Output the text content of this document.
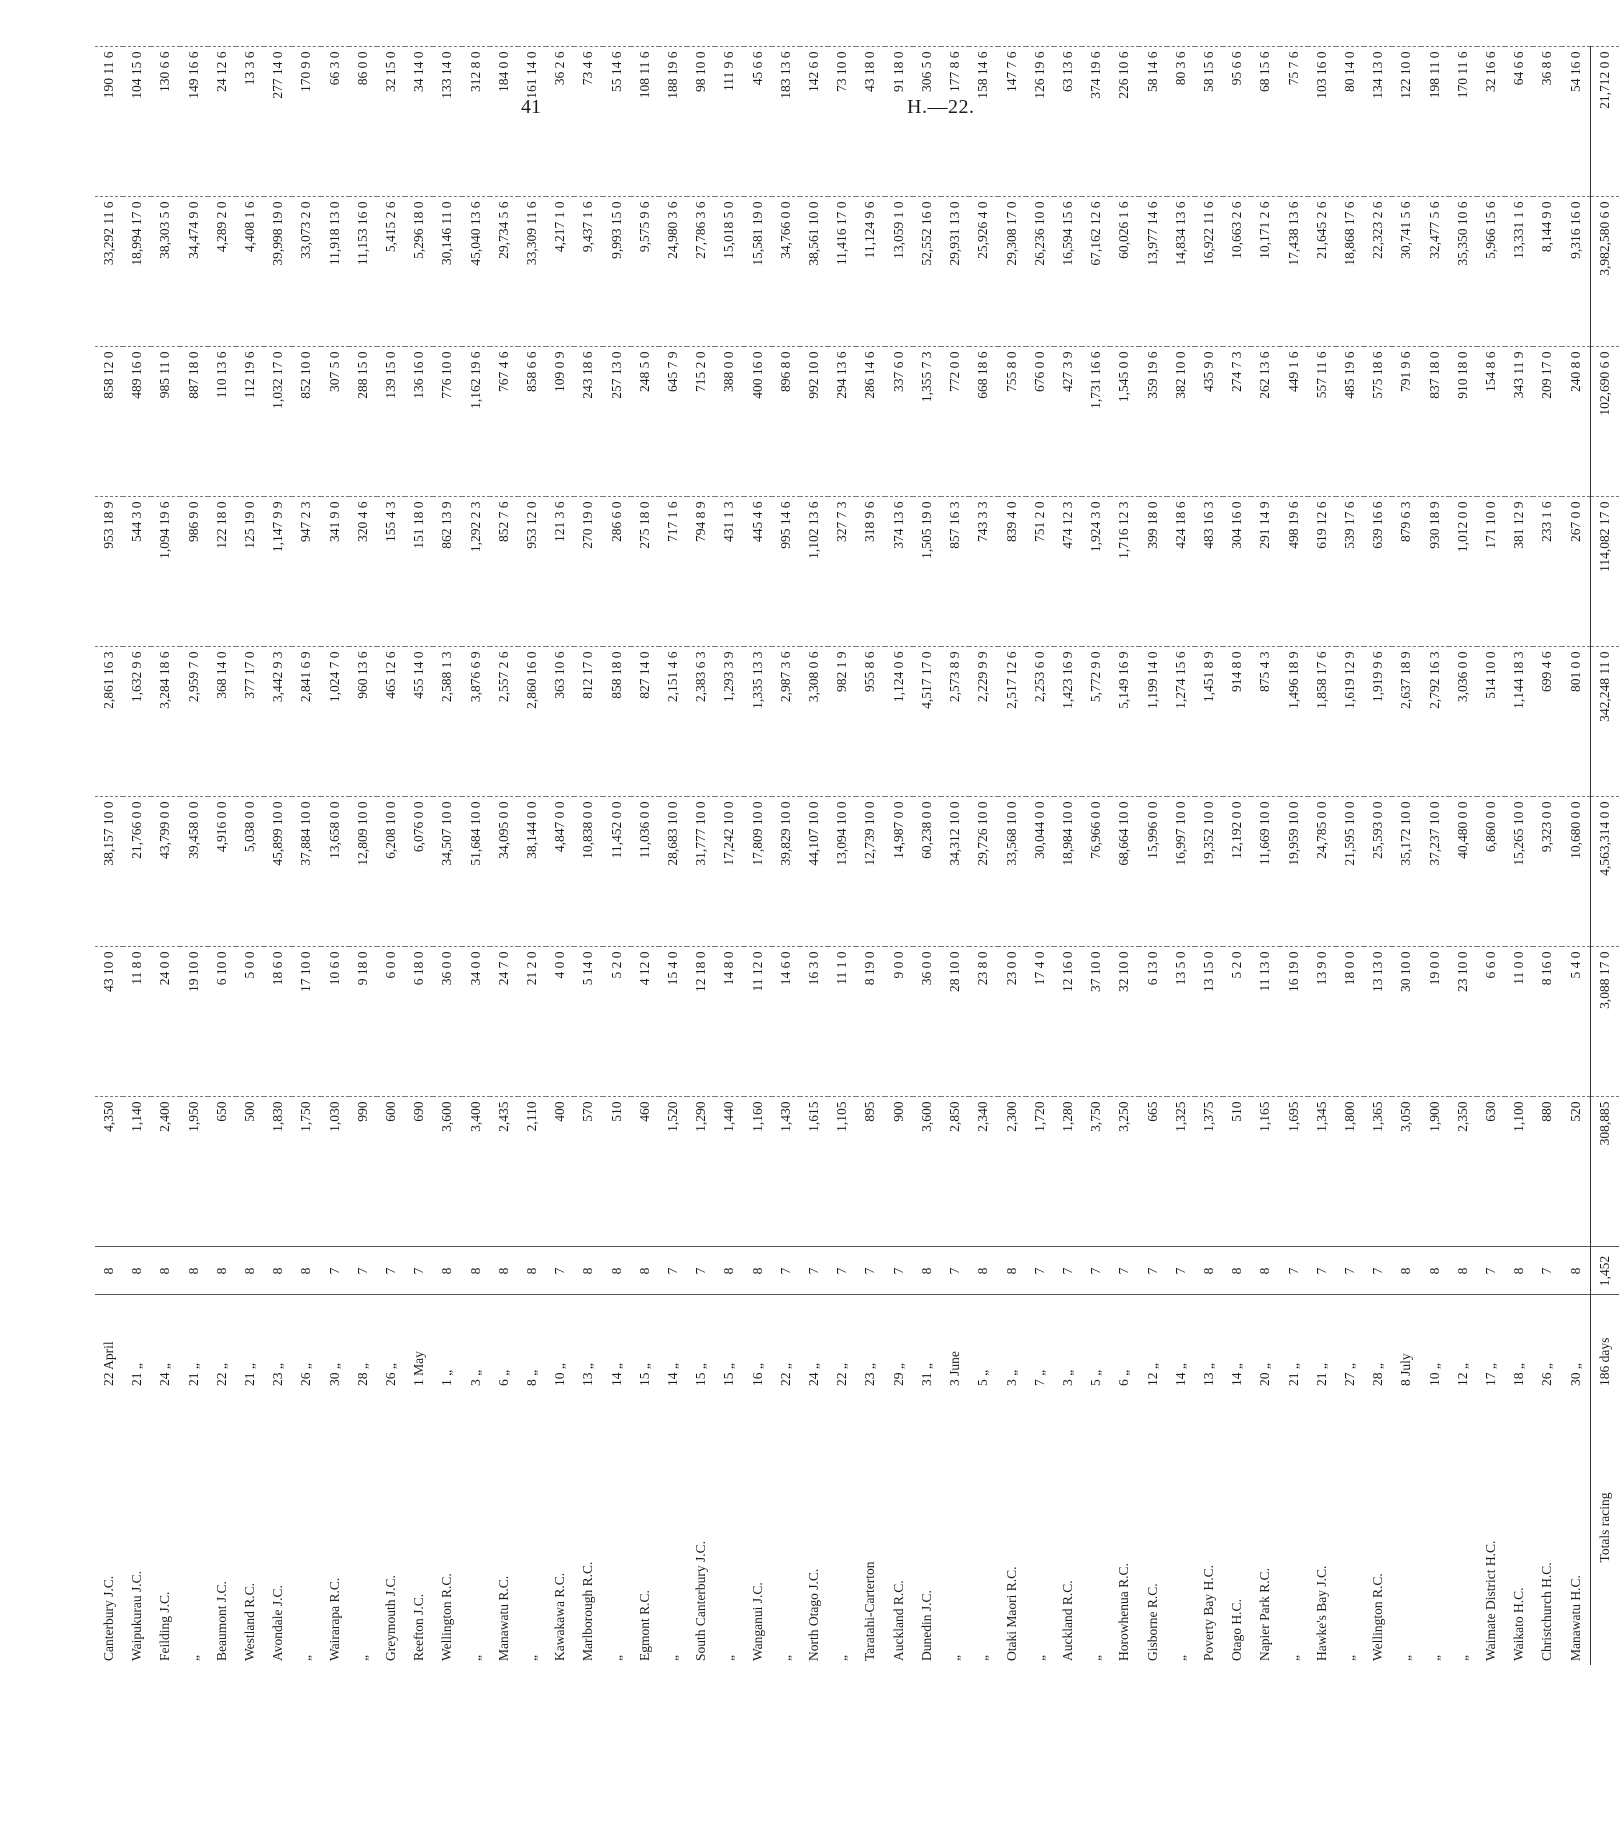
41	H.—22.
Canterbury J.C.	22 April	8	4,350	43 10 0	38,157 10 0	2,861 16 3	953 18 9	858 12 0	33,292 11 6	190 11 6
Waipukurau J.C.	21 „	8	1,140	11 8 0	21,766 0 0	1,632 9 6	544 3 0	489 16 0	18,994 17 0	104 15 0
Feilding J.C.	24 „	8	2,400	24 0 0	43,799 0 0	3,284 18 6	1,094 19 6	985 11 0	38,303 5 0	130 6 6
„	21 „	8	1,950	19 10 0	39,458 0 0	2,959 7 0	986 9 0	887 18 0	34,474 9 0	149 16 6
Beaumont J.C.	22 „	8	650	6 10 0	4,916 0 0	368 14 0	122 18 0	110 13 6	4,289 2 0	24 12 6
Westland R.C.	21 „	8	500	5 0 0	5,038 0 0	377 17 0	125 19 0	112 19 6	4,408 1 6	13 3 6
Avondale J.C.	23 „	8	1,830	18 6 0	45,899 10 0	3,442 9 3	1,147 9 9	1,032 17 0	39,998 19 0	277 14 0
„	26 „	8	1,750	17 10 0	37,884 10 0	2,841 6 9	947 2 3	852 10 0	33,073 2 0	170 9 0
Wairarapa R.C.	30 „	7	1,030	10 6 0	13,658 0 0	1,024 7 0	341 9 0	307 5 0	11,918 13 0	66 3 0
„	28 „	7	990	9 18 0	12,809 10 0	960 13 6	320 4 6	288 15 0	11,153 16 0	86 0 0
Greymouth J.C.	26 „	7	600	6 0 0	6,208 10 0	465 12 6	155 4 3	139 15 0	5,415 2 6	32 15 0
Reefton J.C.	1 May	7	690	6 18 0	6,076 0 0	455 14 0	151 18 0	136 16 0	5,296 18 0	34 14 0
Wellington R.C.	1 „	8	3,600	36 0 0	34,507 10 0	2,588 1 3	862 13 9	776 10 0	30,146 11 0	133 14 0
„	3 „	8	3,400	34 0 0	51,684 10 0	3,876 6 9	1,292 2 3	1,162 19 6	45,040 13 6	312 8 0
Manawatu R.C.	6 „	8	2,435	24 7 0	34,095 0 0	2,557 2 6	852 7 6	767 4 6	29,734 5 6	184 0 0
„	8 „	8	2,110	21 2 0	38,144 0 0	2,860 16 0	953 12 0	858 6 6	33,309 11 6	161 14 0
Kawakawa R.C.	10 „	7	400	4 0 0	4,847 0 0	363 10 6	121 3 6	109 0 9	4,217 1 0	36 2 6
Marlborough R.C.	13 „	8	570	5 14 0	10,838 0 0	812 17 0	270 19 0	243 18 6	9,437 1 6	73 4 6
„	14 „	8	510	5 2 0	11,452 0 0	858 18 0	286 6 0	257 13 0	9,993 15 0	55 14 6
Egmont R.C.	15 „	8	460	4 12 0	11,036 0 0	827 14 0	275 18 0	248 5 0	9,575 9 6	108 11 6
„	14 „	7	1,520	15 4 0	28,683 10 0	2,151 4 6	717 1 6	645 7 9	24,980 3 6	188 19 6
South Canterbury J.C.	15 „	7	1,290	12 18 0	31,777 10 0	2,383 6 3	794 8 9	715 2 0	27,786 3 6	98 10 0
„	15 „	8	1,440	14 8 0	17,242 10 0	1,293 3 9	431 1 3	388 0 0	15,018 5 0	111 9 6
Wanganui J.C.	16 „	8	1,160	11 12 0	17,809 10 0	1,335 13 3	445 4 6	400 16 0	15,581 19 0	45 6 6
„	22 „	7	1,430	14 6 0	39,829 10 0	2,987 3 6	995 14 6	896 8 0	34,766 0 0	183 13 6
North Otago J.C.	24 „	7	1,615	16 3 0	44,107 10 0	3,308 0 6	1,102 13 6	992 10 0	38,561 10 0	142 6 0
„	22 „	7	1,105	11 1 0	13,094 10 0	982 1 9	327 7 3	294 13 6	11,416 17 0	73 10 0
Taratahi-Carterton	23 „	7	895	8 19 0	12,739 10 0	955 8 6	318 9 6	286 14 6	11,124 9 6	43 18 0
Auckland R.C.	29 „	7	900	9 0 0	14,987 0 0	1,124 0 6	374 13 6	337 6 0	13,059 1 0	91 18 0
Dunedin J.C.	31 „	8	3,600	36 0 0	60,238 0 0	4,517 17 0	1,505 19 0	1,355 7 3	52,552 16 0	306 5 0
„	3 June	7	2,850	28 10 0	34,312 10 0	2,573 8 9	857 16 3	772 0 0	29,931 13 0	177 8 6
„	5 „	8	2,340	23 8 0	29,726 10 0	2,229 9 9	743 3 3	668 18 6	25,926 4 0	158 14 6
Otaki Maori R.C.	3 „	8	2,300	23 0 0	33,568 10 0	2,517 12 6	839 4 0	755 8 0	29,308 17 0	147 7 6
„	7 „	7	1,720	17 4 0	30,044 0 0	2,253 6 0	751 2 0	676 0 0	26,236 10 0	126 19 6
Auckland R.C.	3 „	7	1,280	12 16 0	18,984 10 0	1,423 16 9	474 12 3	427 3 9	16,594 15 6	63 13 6
„	5 „	7	3,750	37 10 0	76,966 0 0	5,772 9 0	1,924 3 0	1,731 16 6	67,162 12 6	374 19 6
Horowhenua R.C.	6 „	7	3,250	32 10 0	68,664 10 0	5,149 16 9	1,716 12 3	1,545 0 0	60,026 1 6	226 10 6
Gisborne R.C.	12 „	7	665	6 13 0	15,996 0 0	1,199 14 0	399 18 0	359 19 6	13,977 14 6	58 14 6
„	14 „	7	1,325	13 5 0	16,997 10 0	1,274 15 6	424 18 6	382 10 0	14,834 13 6	80 3 6
Poverty Bay H.C.	13 „	8	1,375	13 15 0	19,352 10 0	1,451 8 9	483 16 3	435 9 0	16,922 11 6	58 15 6
Otago H.C.	14 „	8	510	5 2 0	12,192 0 0	914 8 0	304 16 0	274 7 3	10,663 2 6	95 6 6
Napier Park R.C.	20 „	8	1,165	11 13 0	11,669 10 0	875 4 3	291 14 9	262 13 6	10,171 2 6	68 15 6
„	21 „	7	1,695	16 19 0	19,959 10 0	1,496 18 9	498 19 6	449 1 6	17,438 13 6	75 7 6
Hawke's Bay J.C.	21 „	7	1,345	13 9 0	24,785 0 0	1,858 17 6	619 12 6	557 11 6	21,645 2 6	103 16 0
„	27 „	7	1,800	18 0 0	21,595 10 0	1,619 12 9	539 17 6	485 19 6	18,868 17 6	80 14 0
Wellington R.C.	28 „	7	1,365	13 13 0	25,593 0 0	1,919 9 6	639 16 6	575 18 6	22,323 2 6	134 13 0
„	8 July	8	3,050	30 10 0	35,172 10 0	2,637 18 9	879 6 3	791 9 6	30,741 5 6	122 10 0
„	10 „	8	1,900	19 0 0	37,237 10 0	2,792 16 3	930 18 9	837 18 0	32,477 5 6	198 11 0
„	12 „	8	2,350	23 10 0	40,480 0 0	3,036 0 0	1,012 0 0	910 18 0	35,350 10 6	170 11 6
Waimate District H.C.	17 „	7	630	6 6 0	6,860 0 0	514 10 0	171 10 0	154 8 6	5,966 15 6	32 16 6
Waikato H.C.	18 „	8	1,100	11 0 0	15,265 10 0	1,144 18 3	381 12 9	343 11 9	13,331 1 6	64 6 6
Christchurch H.C.	26 „	7	880	8 16 0	9,323 0 0	699 4 6	233 1 6	209 17 0	8,144 9 0	36 8 6
Manawatu H.C.	30 „	8	520	5 4 0	10,680 0 0	801 0 0	267 0 0	240 8 0	9,316 16 0	54 16 0
Totals racing	186 days	1,452	308,885	3,088 17 0	4,563,314 0 0	342,248 11 0	114,082 17 0	102,690 6 0	3,982,580 6 0	21,712 0 0
